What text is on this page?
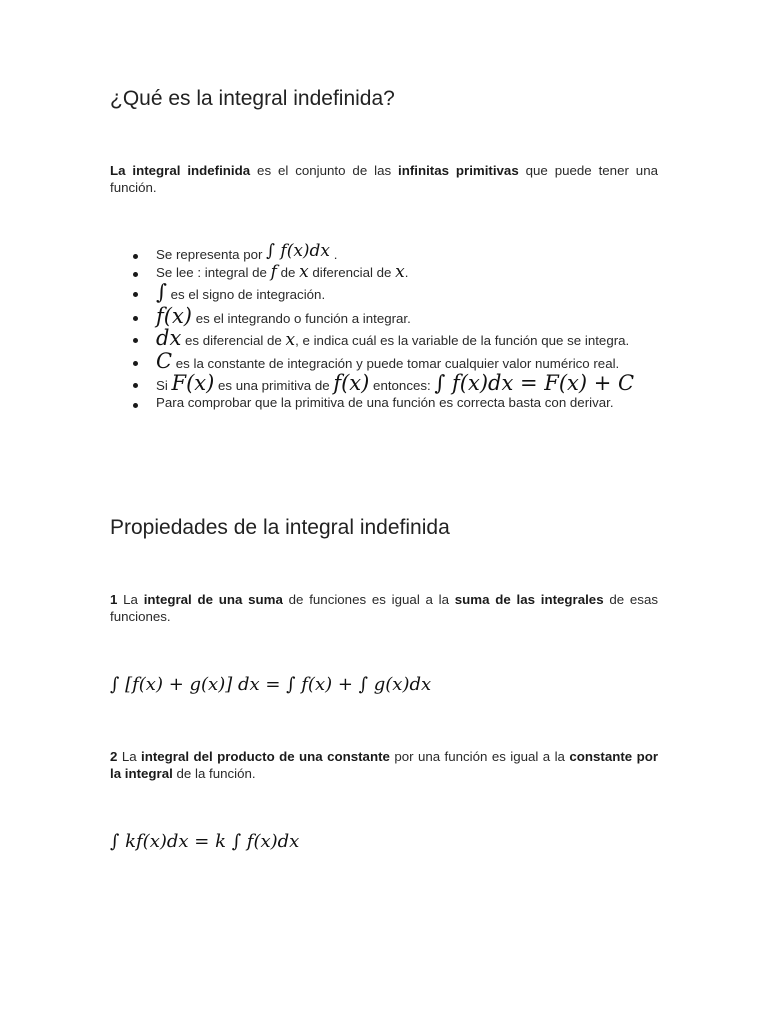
¿Qué es la integral indefinida?

La integral indefinida es el conjunto de las infinitas primitivas que puede tener una función.

Se representa por ∫ f(x)dx .
Se lee : integral de f de x diferencial de x.
∫ es el signo de integración.
f(x) es el integrando o función a integrar.
dx es diferencial de x, e indica cuál es la variable de la función que se integra.
C es la constante de integración y puede tomar cualquier valor numérico real.
Si F(x) es una primitiva de f(x) entonces: ∫ f(x)dx = F(x) + C
Para comprobar que la primitiva de una función es correcta basta con derivar.
Propiedades de la integral indefinida

1 La integral de una suma de funciones es igual a la suma de las integrales de esas funciones.

∫ [f(x) + g(x)] dx = ∫ f(x) + ∫ g(x)dx

2 La integral del producto de una constante por una función es igual a la constante por la integral de la función.

∫ kf(x)dx = k ∫ f(x)dx
